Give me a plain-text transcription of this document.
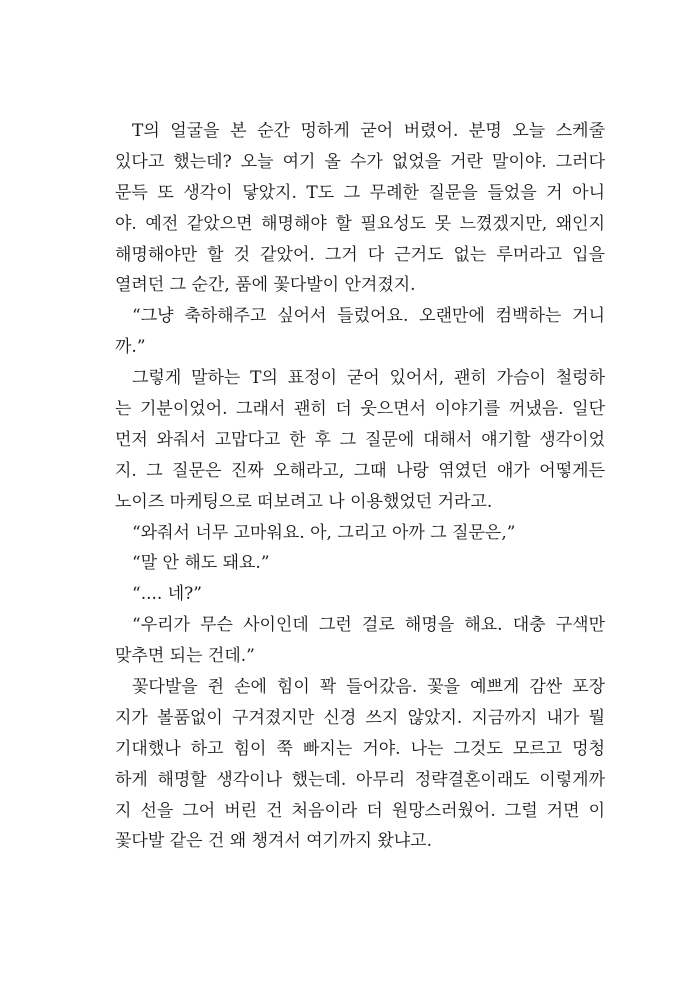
T의 얼굴을 본 순간 멍하게 굳어 버렸어. 분명 오늘 스케줄
있다고 했는데? 오늘 여기 올 수가 없었을 거란 말이야. 그러다
문득 또 생각이 닿았지. T도 그 무례한 질문을 들었을 거 아니
야. 예전 같았으면 해명해야 할 필요성도 못 느꼈겠지만, 왜인지
해명해야만 할 것 같았어. 그거 다 근거도 없는 루머라고 입을
열려던 그 순간, 품에 꽃다발이 안겨졌지.
“그냥 축하해주고 싶어서 들렀어요. 오랜만에 컴백하는 거니
까.”
그렇게 말하는 T의 표정이 굳어 있어서, 괜히 가슴이 철렁하
는 기분이었어. 그래서 괜히 더 웃으면서 이야기를 꺼냈음. 일단
먼저 와줘서 고맙다고 한 후 그 질문에 대해서 얘기할 생각이었
지. 그 질문은 진짜 오해라고, 그때 나랑 엮였던 애가 어떻게든
노이즈 마케팅으로 떠보려고 나 이용했었던 거라고.
“와줘서 너무 고마워요. 아, 그리고 아까 그 질문은,”
“말 안 해도 돼요.”
“.... 네?”
“우리가 무슨 사이인데 그런 걸로 해명을 해요. 대충 구색만
맞추면 되는 건데.”
꽃다발을 쥔 손에 힘이 꽉 들어갔음. 꽃을 예쁘게 감싼 포장
지가 볼품없이 구겨졌지만 신경 쓰지 않았지. 지금까지 내가 뭘
기대했나 하고 힘이 쭉 빠지는 거야. 나는 그것도 모르고 멍청
하게 해명할 생각이나 했는데. 아무리 정략결혼이래도 이렇게까
지 선을 그어 버린 건 처음이라 더 원망스러웠어. 그럴 거면 이
꽃다발 같은 건 왜 챙겨서 여기까지 왔냐고.
